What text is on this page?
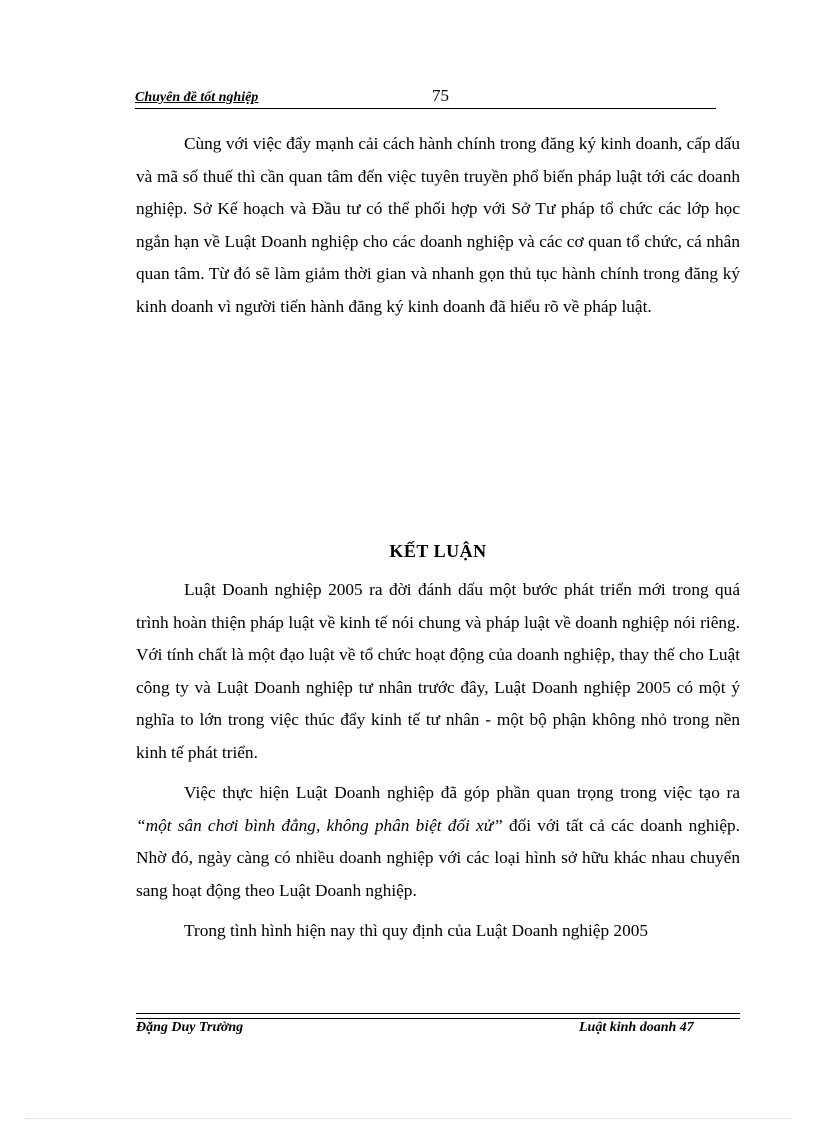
Chuyên đề tốt nghiệp	75

Cùng với việc đẩy mạnh cải cách hành chính trong đăng ký kinh doanh, cấp dấu và mã số thuế thì cần quan tâm đến việc tuyên truyền phổ biến pháp luật tới các doanh nghiệp. Sở Kế hoạch và Đầu tư có thể phối hợp với Sở Tư pháp tổ chức các lớp học ngắn hạn về Luật Doanh nghiệp cho các doanh nghiệp và các cơ quan tổ chức, cá nhân quan tâm. Từ đó sẽ làm giảm thời gian và nhanh gọn thủ tục hành chính trong đăng ký kinh doanh vì người tiến hành đăng ký kinh doanh đã hiểu rõ về pháp luật.

KẾT LUẬN

Luật Doanh nghiệp 2005 ra đời đánh dấu một bước phát triển mới trong quá trình hoàn thiện pháp luật về kinh tế nói chung và pháp luật về doanh nghiệp nói riêng. Với tính chất là một đạo luật về tổ chức hoạt động của doanh nghiệp, thay thế cho Luật công ty và Luật Doanh nghiệp tư nhân trước đây, Luật Doanh nghiệp 2005 có một ý nghĩa to lớn trong việc thúc đẩy kinh tế tư nhân - một bộ phận không nhỏ trong nền kinh tế phát triển.

Việc thực hiện Luật Doanh nghiệp đã góp phần quan trọng trong việc tạo ra “một sân chơi bình đẳng, không phân biệt đối xử” đối với tất cả các doanh nghiệp. Nhờ đó, ngày càng có nhiều doanh nghiệp với các loại hình sở hữu khác nhau chuyển sang hoạt động theo Luật Doanh nghiệp.

Trong tình hình hiện nay thì quy định của Luật Doanh nghiệp 2005

Đặng Duy Trường	Luật kinh doanh 47
